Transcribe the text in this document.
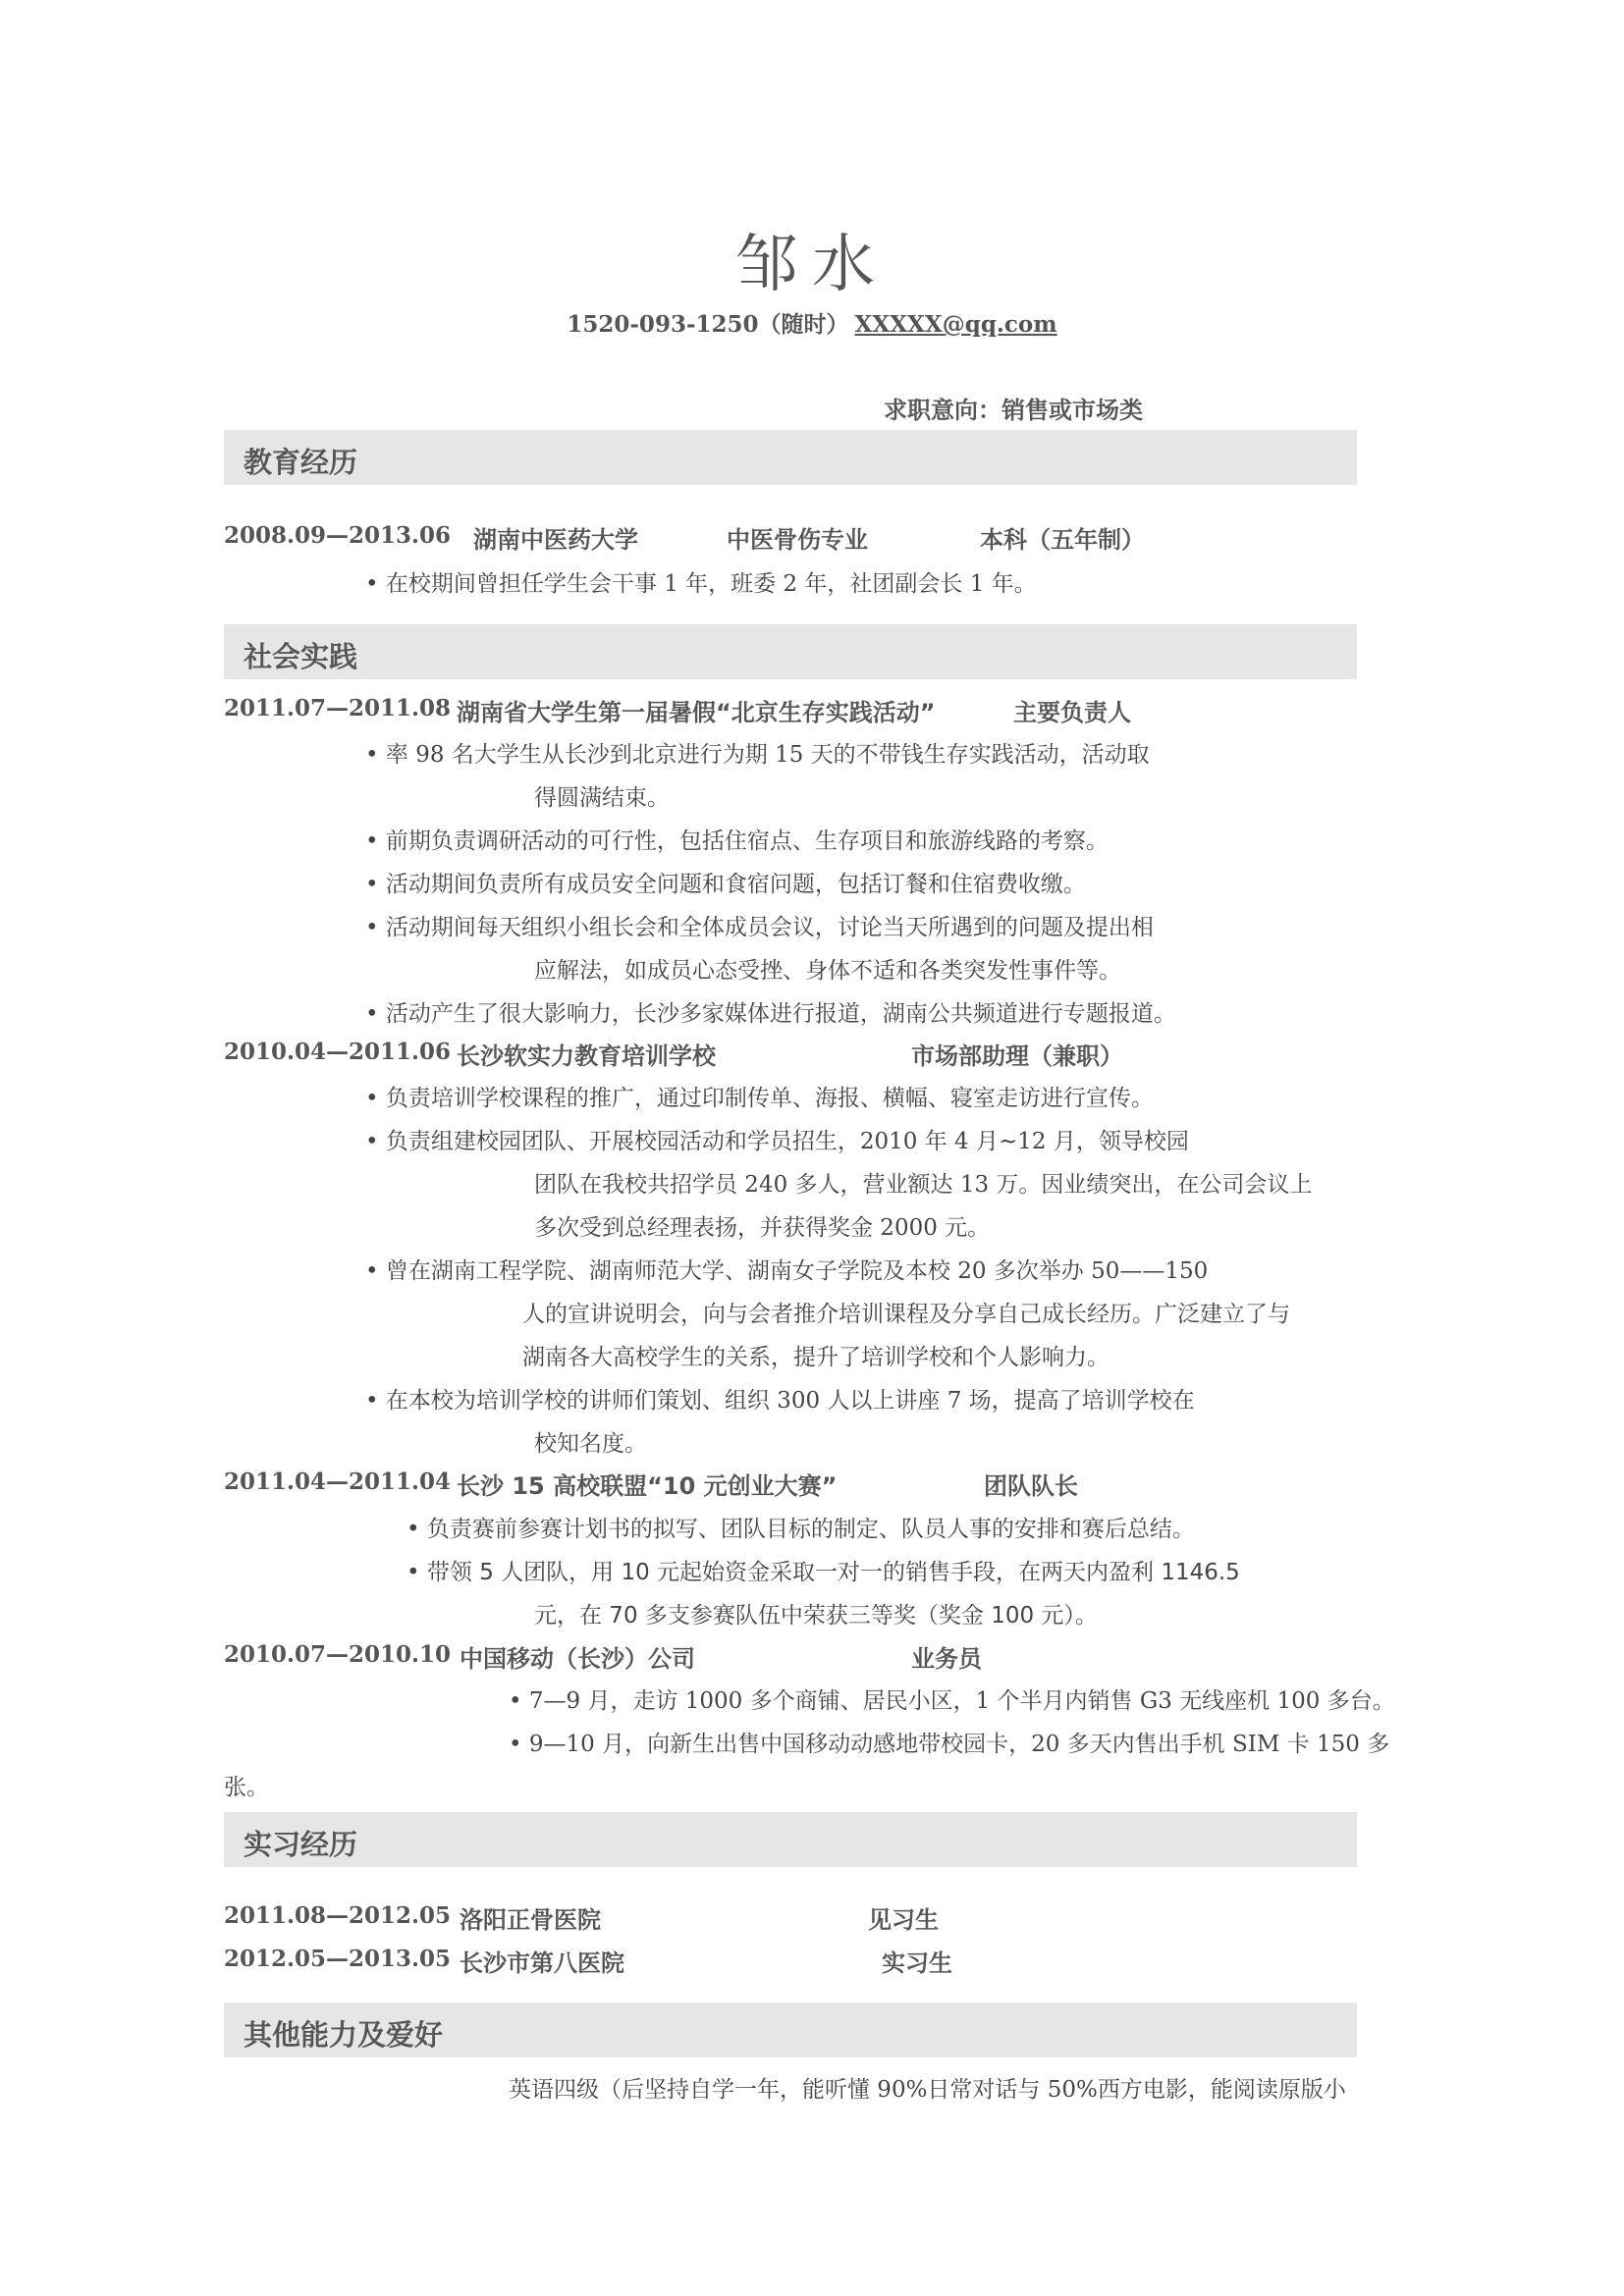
邹水
1520-093-1250（随时） XXXXX@qq.com
求职意向：销售或市场类
教育经历
2008.09—2013.06 湖南中医药大学	中医骨伤专业	本科（五年制）
• 在校期间曾担任学生会干事 1 年，班委 2 年，社团副会长 1 年。
社会实践
2011.07—2011.08 湖南省大学生第一届暑假“北京生存实践活动”	主要负责人
• 率 98 名大学生从长沙到北京进行为期 15 天的不带钱生存实践活动，活动取
得圆满结束。
• 前期负责调研活动的可行性，包括住宿点、生存项目和旅游线路的考察。
• 活动期间负责所有成员安全问题和食宿问题，包括订餐和住宿费收缴。
• 活动期间每天组织小组长会和全体成员会议，讨论当天所遇到的问题及提出相
应解法，如成员心态受挫、身体不适和各类突发性事件等。
• 活动产生了很大影响力，长沙多家媒体进行报道，湖南公共频道进行专题报道。
2010.04—2011.06 长沙软实力教育培训学校	市场部助理（兼职）
• 负责培训学校课程的推广，通过印制传单、海报、横幅、寝室走访进行宣传。
• 负责组建校园团队、开展校园活动和学员招生，2010 年 4 月~12 月，领导校园
团队在我校共招学员 240 多人，营业额达 13 万。因业绩突出，在公司会议上
多次受到总经理表扬，并获得奖金 2000 元。
• 曾在湖南工程学院、湖南师范大学、湖南女子学院及本校 20 多次举办 50——150
人的宣讲说明会，向与会者推介培训课程及分享自己成长经历。广泛建立了与
湖南各大高校学生的关系，提升了培训学校和个人影响力。
• 在本校为培训学校的讲师们策划、组织 300 人以上讲座 7 场，提高了培训学校在
校知名度。
2011.04—2011.04 长沙 15 高校联盟“10 元创业大赛”	团队队长
• 负责赛前参赛计划书的拟写、团队目标的制定、队员人事的安排和赛后总结。
• 带领 5 人团队，用 10 元起始资金采取一对一的销售手段，在两天内盈利 1146.5
元，在 70 多支参赛队伍中荣获三等奖（奖金 100 元）。
2010.07—2010.10 中国移动（长沙）公司	业务员
• 7—9 月，走访 1000 多个商铺、居民小区，1 个半月内销售 G3 无线座机 100 多台。
• 9—10 月，向新生出售中国移动动感地带校园卡，20 多天内售出手机 SIM 卡 150 多
张。
实习经历
2011.08—2012.05 洛阳正骨医院	见习生
2012.05—2013.05 长沙市第八医院	实习生
其他能力及爱好
英语四级（后坚持自学一年，能听懂 90%日常对话与 50%西方电影，能阅读原版小
